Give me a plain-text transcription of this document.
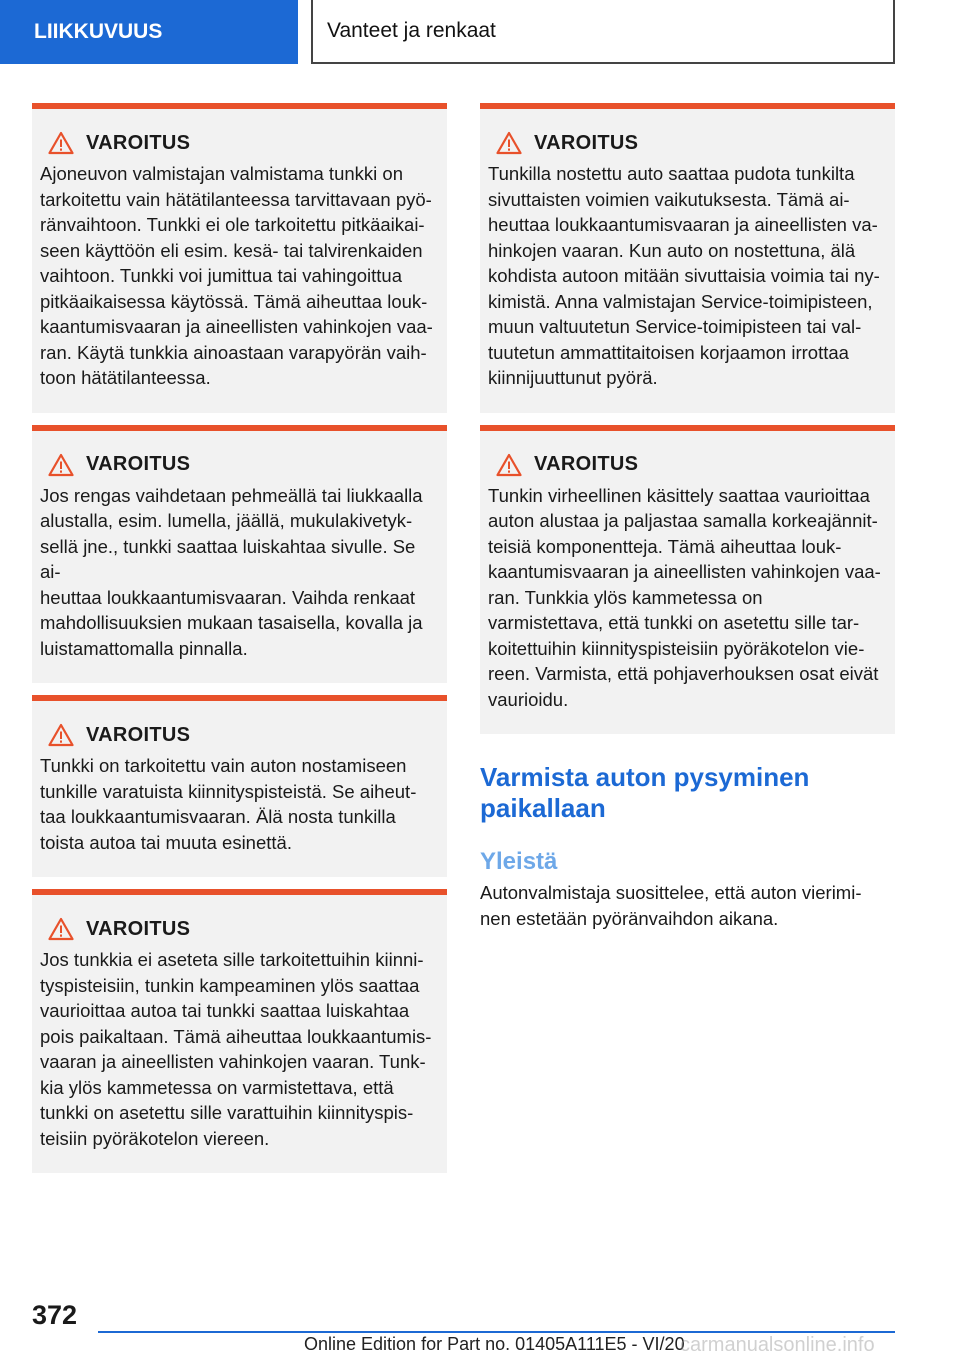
LIIKKUVUUS	Vanteet ja renkaat
VAROITUS
Ajoneuvon valmistajan valmistama tunkki on
tarkoitettu vain hätätilanteessa tarvittavaan pyö-
ränvaihtoon. Tunkki ei ole tarkoitettu pitkäaikai-
seen käyttöön eli esim. kesä- tai talvirenkaiden
vaihtoon. Tunkki voi jumittua tai vahingoittua
pitkäaikaisessa käytössä. Tämä aiheuttaa louk-
kaantumisvaaran ja aineellisten vahinkojen vaa-
ran. Käytä tunkkia ainoastaan varapyörän vaih-
toon hätätilanteessa.
VAROITUS
Jos rengas vaihdetaan pehmeällä tai liukkaalla
alustalla, esim. lumella, jäällä, mukulakivetyk-
sellä jne., tunkki saattaa luiskahtaa sivulle. Se ai-
heuttaa loukkaantumisvaaran. Vaihda renkaat
mahdollisuuksien mukaan tasaisella, kovalla ja
luistamattomalla pinnalla.
VAROITUS
Tunkki on tarkoitettu vain auton nostamiseen
tunkille varatuista kiinnityspisteistä. Se aiheut-
taa loukkaantumisvaaran. Älä nosta tunkilla
toista autoa tai muuta esinettä.
VAROITUS
Jos tunkkia ei aseteta sille tarkoitettuihin kiinni-
tyspisteisiin, tunkin kampeaminen ylös saattaa
vaurioittaa autoa tai tunkki saattaa luiskahtaa
pois paikaltaan. Tämä aiheuttaa loukkaantumis-
vaaran ja aineellisten vahinkojen vaaran. Tunk-
kia ylös kammetessa on varmistettava, että
tunkki on asetettu sille varattuihin kiinnityspis-
teisiin pyöräkotelon viereen.
VAROITUS
Tunkilla nostettu auto saattaa pudota tunkilta
sivuttaisten voimien vaikutuksesta. Tämä ai-
heuttaa loukkaantumisvaaran ja aineellisten va-
hinkojen vaaran. Kun auto on nostettuna, älä
kohdista autoon mitään sivuttaisia voimia tai ny-
kimistä. Anna valmistajan Service-toimipisteen,
muun valtuutetun Service-toimipisteen tai val-
tuutetun ammattitaitoisen korjaamon irrottaa
kiinnijuuttunut pyörä.
VAROITUS
Tunkin virheellinen käsittely saattaa vaurioittaa
auton alustaa ja paljastaa samalla korkeajännit-
teisiä komponentteja. Tämä aiheuttaa louk-
kaantumisvaaran ja aineellisten vahinkojen vaa-
ran. Tunkkia ylös kammetessa on
varmistettava, että tunkki on asetettu sille tar-
koitettuihin kiinnityspisteisiin pyöräkotelon vie-
reen. Varmista, että pohjaverhouksen osat eivät
vaurioidu.
Varmista auton pysyminen
paikallaan
Yleistä
Autonvalmistaja suosittelee, että auton vierimi-
nen estetään pyöränvaihdon aikana.
372
Online Edition for Part no. 01405A111E5 - VI/20
carmanualsonline.info
